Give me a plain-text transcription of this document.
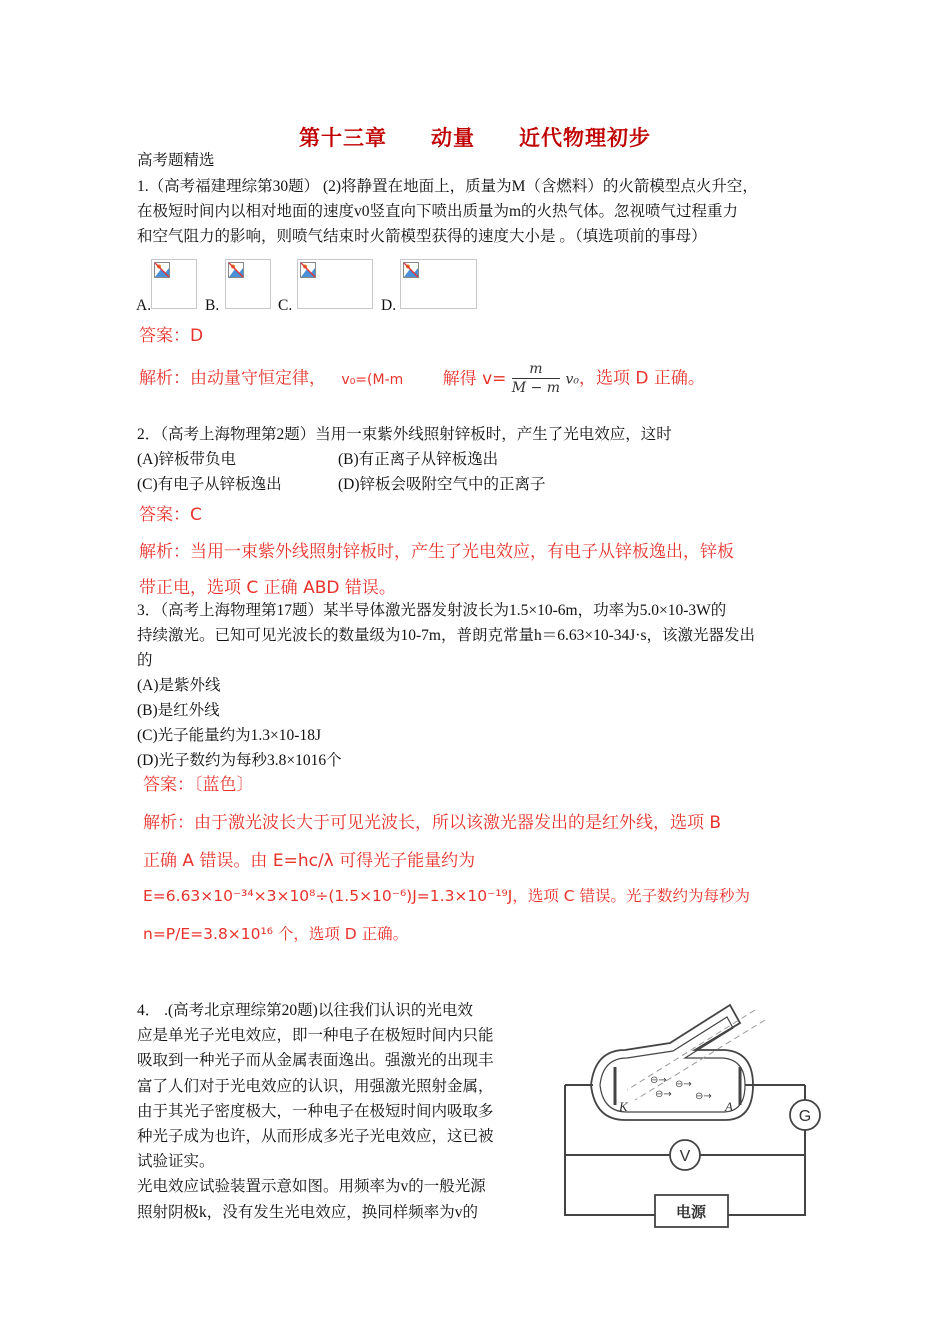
第十三章 动量 近代物理初步
高考题精选
1.（高考福建理综第30题） (2)将静置在地面上，质量为M（含燃料）的火箭模型点火升空，
在极短时间内以相对地面的速度v0竖直向下喷出质量为m的火热气体。忽视喷气过程重力
和空气阻力的影响，则喷气结束时火箭模型获得的速度大小是 。（填选项前的事母）
A.	B.	C.	D.
答案：D
解析：由动量守恒定律， v₀=(M-m 解得 $v= \frac{m}{M - m} v_0$，选项 D 正确。
2．（高考上海物理第2题）当用一束紫外线照射锌板时，产生了光电效应，这时
(A)锌板带负电	(B)有正离子从锌板逸出
(C)有电子从锌板逸出	(D)锌板会吸附空气中的正离子
答案：C
解析：当用一束紫外线照射锌板时，产生了光电效应，有电子从锌板逸出，锌板
带正电，选项 C 正确 ABD 错误。
3．（高考上海物理第17题）某半导体激光器发射波长为1.5×10-6m，功率为5.0×10-3W的
持续激光。已知可见光波长的数量级为10-7m，普朗克常量h＝6.63×10-34J·s，该激光器发出
的
(A)是紫外线
(B)是红外线
(C)光子能量约为1.3×10-18J
(D)光子数约为每秒3.8×1016个
答案：〔蓝色〕
解析：由于激光波长大于可见光波长，所以该激光器发出的是红外线，选项 B
正确 A 错误。由 E=hc/λ 可得光子能量约为
E=6.63×10⁻³⁴×3×10⁸÷(1.5×10⁻⁶)J=1.3×10⁻¹⁹J，选项 C 错误。光子数约为每秒为
n=P/E=3.8×10¹⁶ 个，选项 D 正确。
4． .(高考北京理综第20题)以往我们认识的光电效
应是单光子光电效应，即一种电子在极短时间内只能
吸取到一种光子而从金属表面逸出。强激光的出现丰
富了人们对于光电效应的认识，用强激光照射金属，
由于其光子密度极大，一种电子在极短时间内吸取多
种光子成为也许，从而形成多光子光电效应，这已被
试验证实。
光电效应试验装置示意如图。用频率为v的一般光源
照射阴极k，没有发生光电效应，换同样频率为v的
⊖→ ⊖→
⊖→ ⊖→
K	A
G
V
电源
